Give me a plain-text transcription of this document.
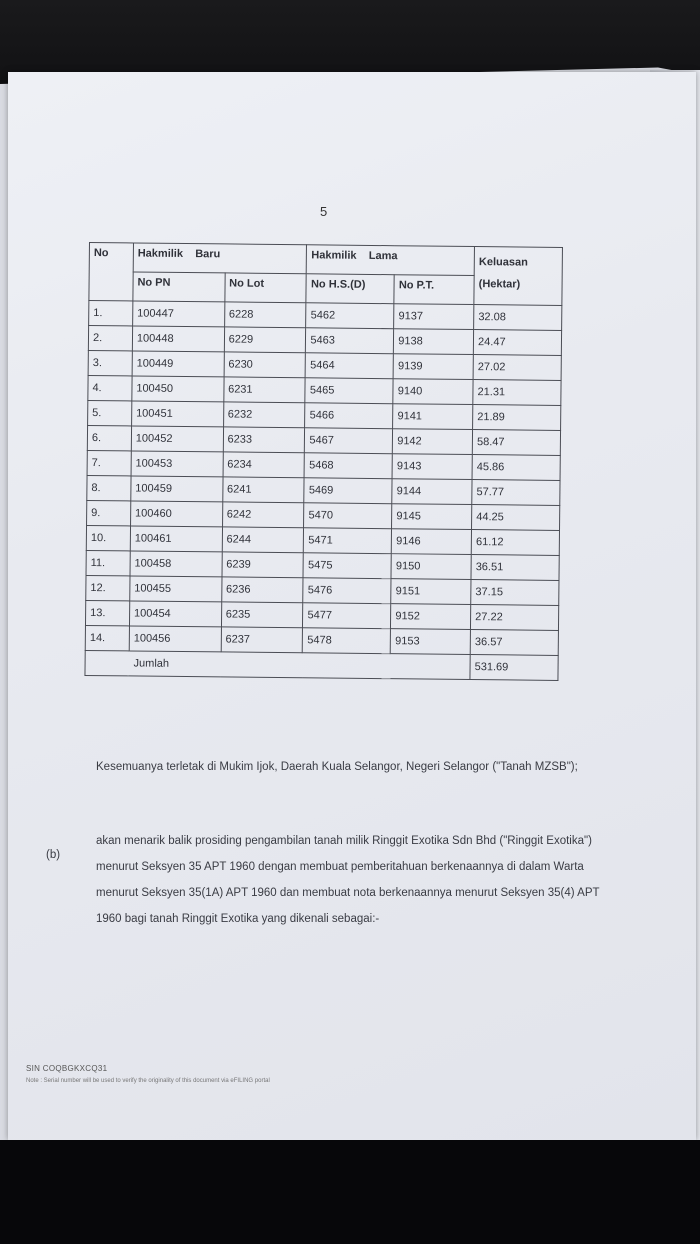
5
No	Hakmilik    Baru		Hakmilik    Lama		Keluasan (Hektar)
	No PN	No Lot	No H.S.(D)	No P.T.	
1.	100447	6228	5462	9137	32.08
2.	100448	6229	5463	9138	24.47
3.	100449	6230	5464	9139	27.02
4.	100450	6231	5465	9140	21.31
5.	100451	6232	5466	9141	21.89
6.	100452	6233	5467	9142	58.47
7.	100453	6234	5468	9143	45.86
8.	100459	6241	5469	9144	57.77
9.	100460	6242	5470	9145	44.25
10.	100461	6244	5471	9146	61.12
11.	100458	6239	5475	9150	36.51
12.	100455	6236	5476	9151	37.15
13.	100454	6235	5477	9152	27.22
14.	100456	6237	5478	9153	36.57
Jumlah					531.69
Kesemuanya terletak di Mukim Ijok, Daerah Kuala Selangor, Negeri Selangor ("Tanah MZSB");
(b)
akan menarik balik prosiding pengambilan tanah milik Ringgit Exotika Sdn Bhd ("Ringgit Exotika") menurut Seksyen 35 APT 1960 dengan membuat pemberitahuan berkenaannya di dalam Warta menurut Seksyen 35(1A) APT 1960 dan membuat nota berkenaannya menurut Seksyen 35(4) APT 1960 bagi tanah Ringgit Exotika yang dikenali sebagai:-
SIN COQBGKXCQ31
Note : Serial number will be used to verify the originality of this document via eFILING portal
